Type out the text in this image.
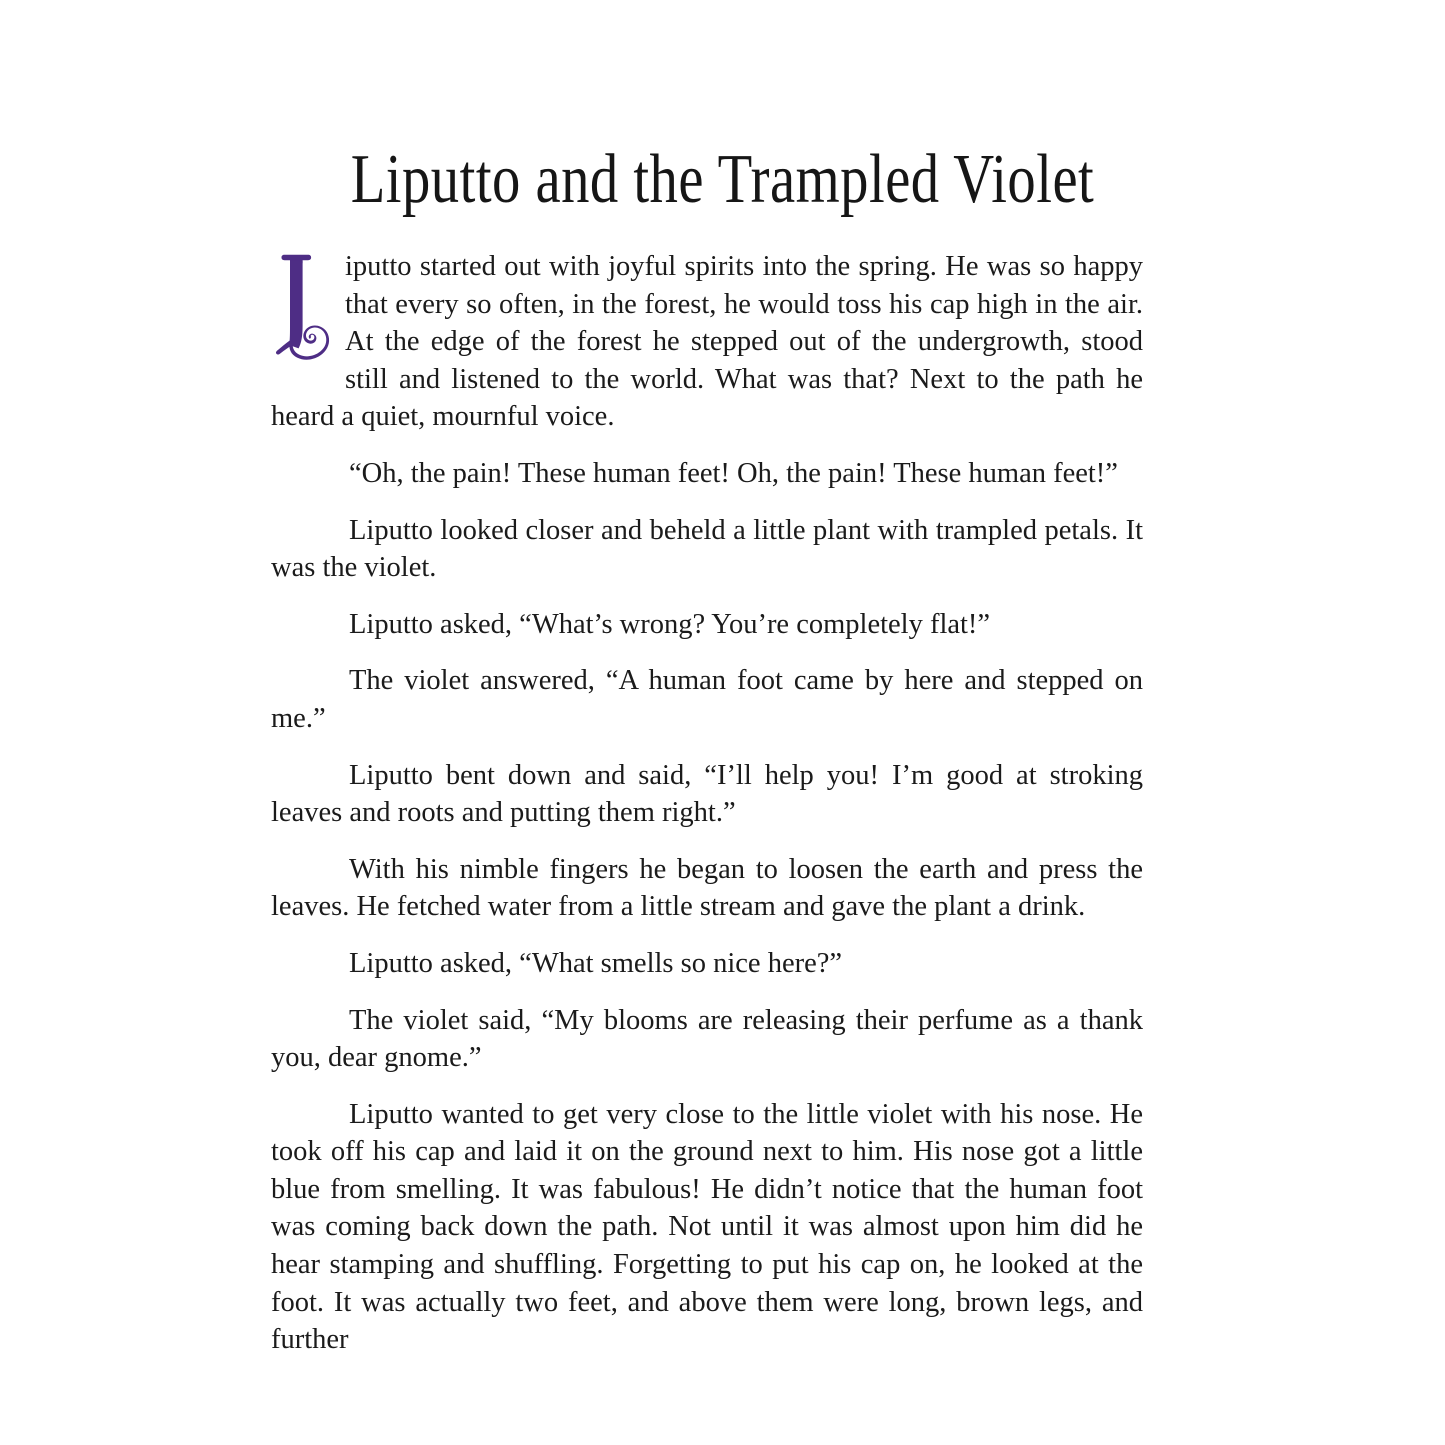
Liputto and the Trampled Violet

iputto started out with joyful spirits into the spring. He was so happy that every so often, in the forest, he would toss his cap high in the air. At the edge of the forest he stepped out of the undergrowth, stood still and listened to the world. What was that? Next to the path he heard a quiet, mournful voice.

“Oh, the pain! These human feet! Oh, the pain! These human feet!”

Liputto looked closer and beheld a little plant with trampled petals. It was the violet.

Liputto asked, “What’s wrong? You’re completely flat!”

The violet answered, “A human foot came by here and stepped on me.”

Liputto bent down and said, “I’ll help you! I’m good at stroking leaves and roots and putting them right.”

With his nimble fingers he began to loosen the earth and press the leaves. He fetched water from a little stream and gave the plant a drink.

Liputto asked, “What smells so nice here?”

The violet said, “My blooms are releasing their perfume as a thank you, dear gnome.”

Liputto wanted to get very close to the little violet with his nose. He took off his cap and laid it on the ground next to him. His nose got a little blue from smelling. It was fabulous! He didn’t notice that the human foot was coming back down the path. Not until it was almost upon him did he hear stamping and shuffling. Forgetting to put his cap on, he looked at the foot. It was actually two feet, and above them were long, brown legs, and further
